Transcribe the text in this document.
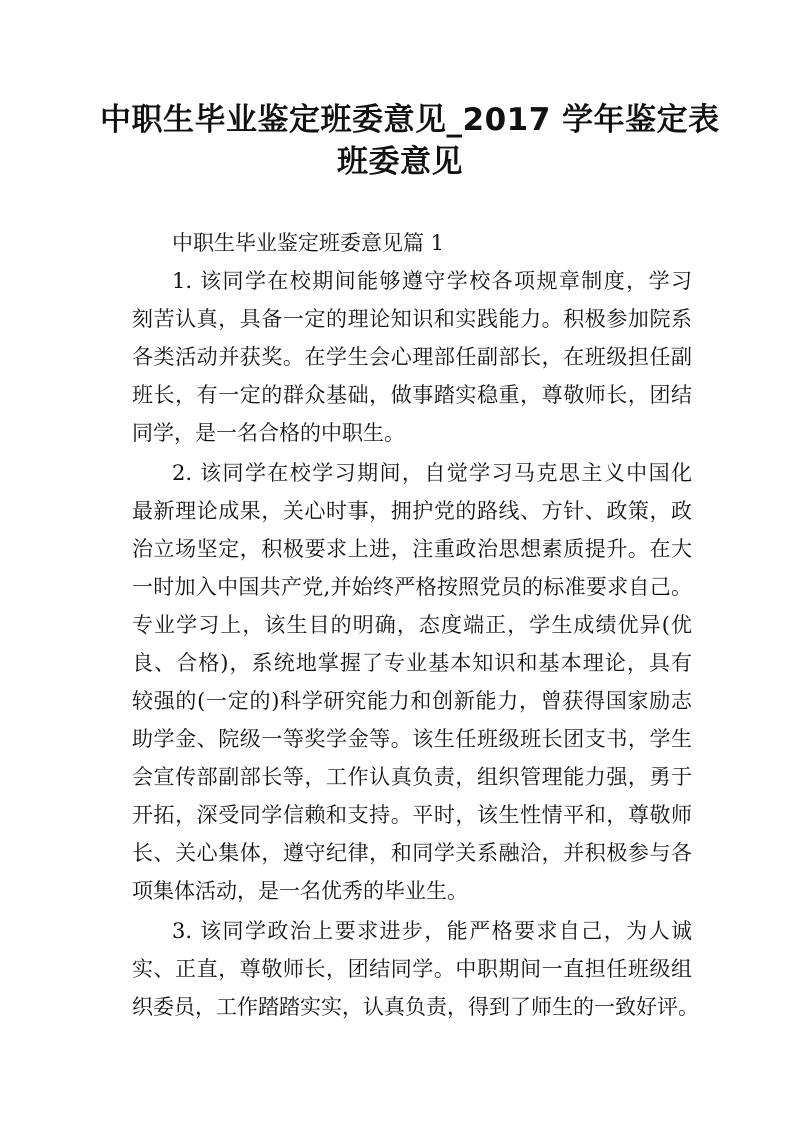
中职生毕业鉴定班委意见_2017 学年鉴定表
班委意见

中职生毕业鉴定班委意见篇 1

1. 该同学在校期间能够遵守学校各项规章制度，学习

刻苦认真，具备一定的理论知识和实践能力。积极参加院系

各类活动并获奖。在学生会心理部任副部长，在班级担任副

班长，有一定的群众基础，做事踏实稳重，尊敬师长，团结

同学，是一名合格的中职生。

2. 该同学在校学习期间，自觉学习马克思主义中国化

最新理论成果，关心时事，拥护党的路线、方针、政策，政

治立场坚定，积极要求上进，注重政治思想素质提升。在大

一时加入中国共产党,并始终严格按照党员的标准要求自己。

专业学习上，该生目的明确，态度端正，学生成绩优异(优

良、合格)，系统地掌握了专业基本知识和基本理论，具有

较强的(一定的)科学研究能力和创新能力，曾获得国家励志

助学金、院级一等奖学金等。该生任班级班长团支书，学生

会宣传部副部长等，工作认真负责，组织管理能力强，勇于

开拓，深受同学信赖和支持。平时，该生性情平和，尊敬师

长、关心集体，遵守纪律，和同学关系融洽，并积极参与各

项集体活动，是一名优秀的毕业生。

3. 该同学政治上要求进步，能严格要求自己，为人诚

实、正直，尊敬师长，团结同学。中职期间一直担任班级组

织委员，工作踏踏实实，认真负责，得到了师生的一致好评。
